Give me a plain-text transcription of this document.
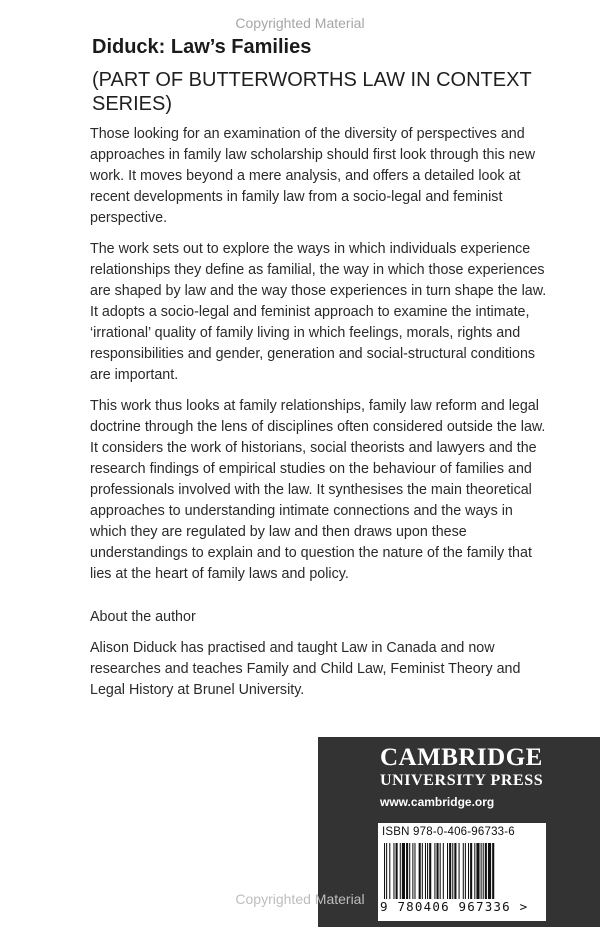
Copyrighted Material
Diduck: Law’s Families
(PART OF BUTTERWORTHS LAW IN CONTEXT SERIES)

Those looking for an examination of the diversity of perspectives and approaches in family law scholarship should first look through this new work. It moves beyond a mere analysis, and offers a detailed look at recent developments in family law from a socio-legal and feminist perspective.

The work sets out to explore the ways in which individuals experience relationships they define as familial, the way in which those experiences are shaped by law and the way those experiences in turn shape the law. It adopts a socio-legal and feminist approach to examine the intimate, ‘irrational’ quality of family living in which feelings, morals, rights and responsibilities and gender, generation and social-structural conditions are important.

This work thus looks at family relationships, family law reform and legal doctrine through the lens of disciplines often considered outside the law. It considers the work of historians, social theorists and lawyers and the research findings of empirical studies on the behaviour of families and professionals involved with the law. It synthesises the main theoretical approaches to understanding intimate connections and the ways in which they are regulated by law and then draws upon these understandings to explain and to question the nature of the family that lies at the heart of family laws and policy.

About the author
Alison Diduck has practised and taught Law in Canada and now researches and teaches Family and Child Law, Feminist Theory and Legal History at Brunel University.
CAMBRIDGE
UNIVERSITY PRESS
www.cambridge.org
ISBN 978-0-406-96733-6
9 780406 967336 >
Copyrighted Material
